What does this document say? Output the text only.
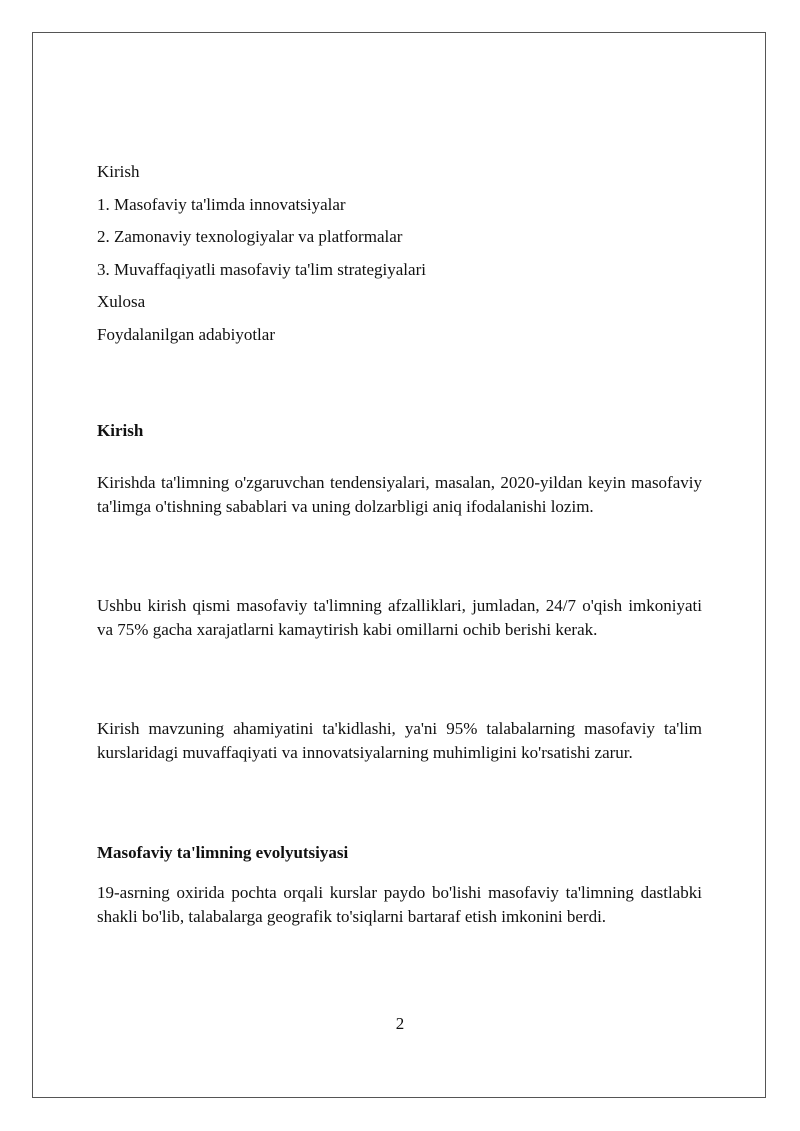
Kirish
1. Masofaviy ta'limda innovatsiyalar
2. Zamonaviy texnologiyalar va platformalar
3. Muvaffaqiyatli masofaviy ta'lim strategiyalari
Xulosa
Foydalanilgan adabiyotlar
Kirish

Kirishda ta'limning o'zgaruvchan tendensiyalari, masalan, 2020-yildan keyin masofaviy ta'limga o'tishning sabablari va uning dolzarbligi aniq ifodalanishi lozim.

Ushbu kirish qismi masofaviy ta'limning afzalliklari, jumladan, 24/7 o'qish imkoniyati va 75% gacha xarajatlarni kamaytirish kabi omillarni ochib berishi kerak.

Kirish mavzuning ahamiyatini ta'kidlashi, ya'ni 95% talabalarning masofaviy ta'lim kurslaridagi muvaffaqiyati va innovatsiyalarning muhimligini ko'rsatishi zarur.

Masofaviy ta'limning evolyutsiyasi

19-asrning oxirida pochta orqali kurslar paydo bo'lishi masofaviy ta'limning dastlabki shakli bo'lib, talabalarga geografik to'siqlarni bartaraf etish imkonini berdi.

2
